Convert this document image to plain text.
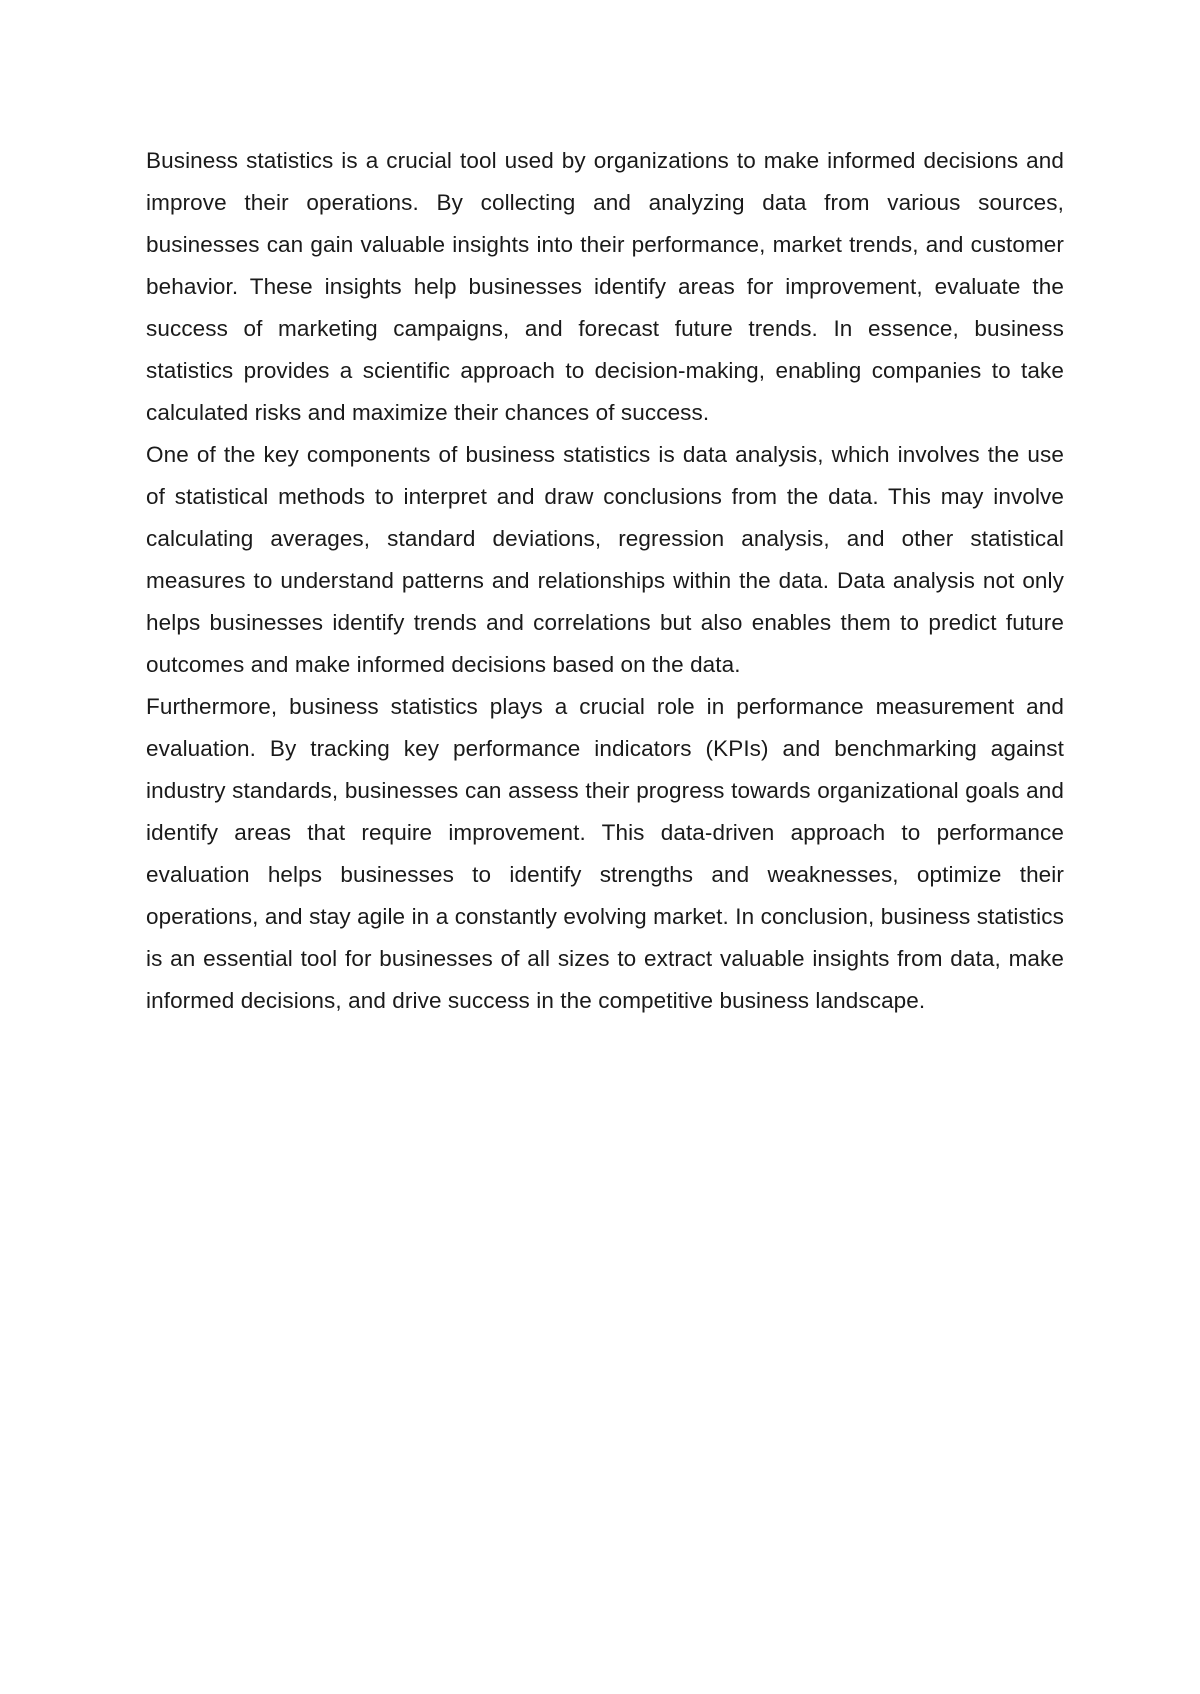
Business statistics is a crucial tool used by organizations to make informed decisions and improve their operations. By collecting and analyzing data from various sources, businesses can gain valuable insights into their performance, market trends, and customer behavior. These insights help businesses identify areas for improvement, evaluate the success of marketing campaigns, and forecast future trends. In essence, business statistics provides a scientific approach to decision-making, enabling companies to take calculated risks and maximize their chances of success.

One of the key components of business statistics is data analysis, which involves the use of statistical methods to interpret and draw conclusions from the data. This may involve calculating averages, standard deviations, regression analysis, and other statistical measures to understand patterns and relationships within the data. Data analysis not only helps businesses identify trends and correlations but also enables them to predict future outcomes and make informed decisions based on the data.

Furthermore, business statistics plays a crucial role in performance measurement and evaluation. By tracking key performance indicators (KPIs) and benchmarking against industry standards, businesses can assess their progress towards organizational goals and identify areas that require improvement. This data-driven approach to performance evaluation helps businesses to identify strengths and weaknesses, optimize their operations, and stay agile in a constantly evolving market. In conclusion, business statistics is an essential tool for businesses of all sizes to extract valuable insights from data, make informed decisions, and drive success in the competitive business landscape.
